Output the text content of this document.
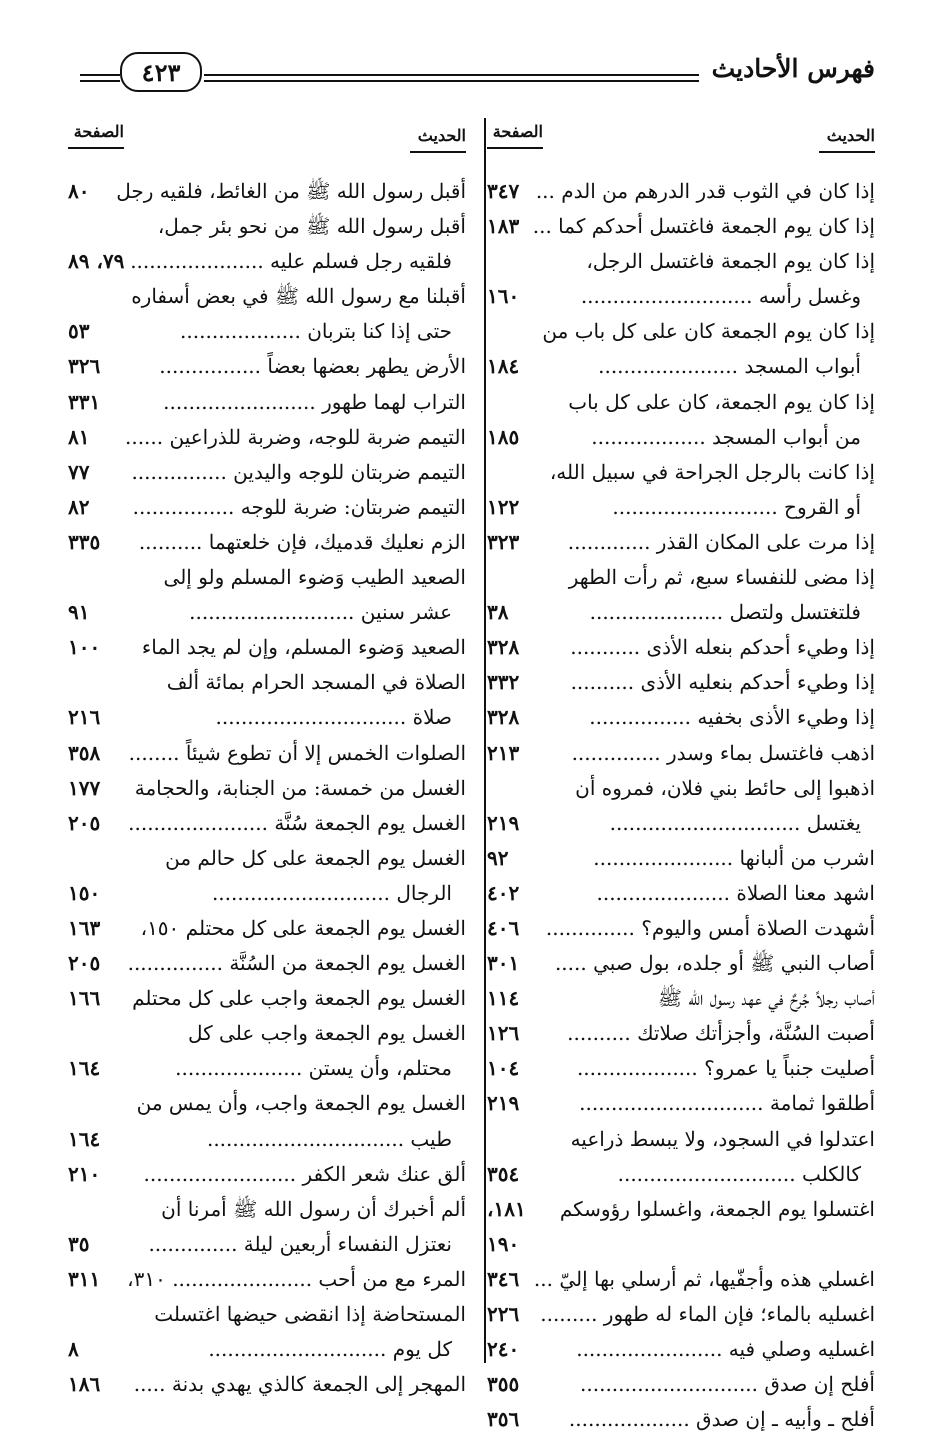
فهرس الأحاديث
٤٢٣
الحديث
الصفحة
إذا كان في الثوب قدر الدرهم من الدم ...
٣٤٧
إذا كان يوم الجمعة فاغتسل أحدكم كما ...
١٨٣
إذا كان يوم الجمعة فاغتسل الرجل،
وغسل رأسه ...........................
١٦٠
إذا كان يوم الجمعة كان على كل باب من
أبواب المسجد ......................
١٨٤
إذا كان يوم الجمعة، كان على كل باب
من أبواب المسجد ..................
١٨٥
إذا كانت بالرجل الجراحة في سبيل الله،
أو القروح ..........................
١٢٢
إذا مرت على المكان القذر .............
٣٢٣
إذا مضى للنفساء سبع، ثم رأت الطهر
فلتغتسل ولتصل .....................
٣٨
إذا وطيء أحدكم بنعله الأذى ...........
٣٢٨
إذا وطيء أحدكم بنعليه الأذى ..........
٣٣٢
إذا وطيء الأذى بخفيه ................
٣٢٨
اذهب فاغتسل بماء وسدر ..............
٢١٣
اذهبوا إلى حائط بني فلان، فمروه أن
يغتسل ..............................
٢١٩
اشرب من ألبانها ......................
٩٢
اشهد معنا الصلاة .....................
٤٠٢
أشهدت الصلاة أمس واليوم؟ ..............
٤٠٦
أصاب النبي ﷺ أو جلده، بول صبي .....
٣٠١
أصاب رجلاً جُرحٌ في عهد رسول الله ﷺ
١١٤
أصبت السُنَّة، وأجزأتك صلاتك ..........
١٢٦
أصليت جنباً يا عمرو؟ ...................
١٠٤
أطلقوا ثمامة .............................
٢١٩
اعتدلوا في السجود، ولا يبسط ذراعيه
كالكلب ............................
٣٥٤
اغتسلوا يوم الجمعة، واغسلوا رؤوسكم
١٨١،
١٩٠
اغسلي هذه وأجفّيها، ثم أرسلي بها إليّ ...
٣٤٦
اغسليه بالماء؛ فإن الماء له طهور .........
٢٢٦
اغسليه وصلي فيه .......................
٢٤٠
أفلح إن صدق ............................
٣٥٥
أفلح ـ وأبيه ـ إن صدق ...................
٣٥٦
الحديث
الصفحة
أقبل رسول الله ﷺ من الغائط، فلقيه رجل
٨٠
أقبل رسول الله ﷺ من نحو بئر جمل،
فلقيه رجل فسلم عليه .....................
٧٩، ٨٩
أقبلنا مع رسول الله ﷺ في بعض أسفاره
حتى إذا كنا بتربان ...................
٥٣
الأرض يطهر بعضها بعضاً ................
٣٢٦
التراب لهما طهور ........................
٣٣١
التيمم ضربة للوجه، وضربة للذراعين ......
٨١
التيمم ضربتان للوجه واليدين ...............
٧٧
التيمم ضربتان: ضربة للوجه ................
٨٢
الزم نعليك قدميك، فإن خلعتهما ..........
٣٣٥
الصعيد الطيب وَضوء المسلم ولو إلى
عشر سنين ..........................
٩١
الصعيد وَضوء المسلم، وإن لم يجد الماء
١٠٠
الصلاة في المسجد الحرام بمائة ألف
صلاة ..............................
٢١٦
الصلوات الخمس إلا أن تطوع شيئاً ........
٣٥٨
الغسل من خمسة: من الجنابة، والحجامة
١٧٧
الغسل يوم الجمعة سُنَّة ......................
٢٠٥
الغسل يوم الجمعة على كل حالم من
الرجال ............................
١٥٠
الغسل يوم الجمعة على كل محتلم ١٥٠،
١٦٣
الغسل يوم الجمعة من السُنَّة ...............
٢٠٥
الغسل يوم الجمعة واجب على كل محتلم
١٦٦
الغسل يوم الجمعة واجب على كل
محتلم، وأن يستن ....................
١٦٤
الغسل يوم الجمعة واجب، وأن يمس من
طيب ...............................
١٦٤
ألق عنك شعر الكفر ........................
٢١٠
ألم أخبرك أن رسول الله ﷺ أمرنا أن
نعتزل النفساء أربعين ليلة ..............
٣٥
المرء مع من أحب ...................... ٣١٠،
٣١١
المستحاضة إذا انقضى حيضها اغتسلت
كل يوم ............................
٨
المهجر إلى الجمعة كالذي يهدي بدنة .....
١٨٦
